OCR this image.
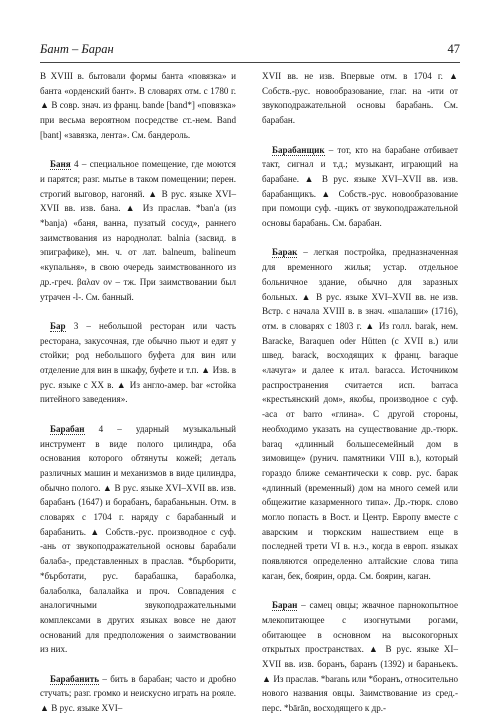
Бант – Баран	47

В XVIII в. бытовали формы банта «повязка» и банта «орденский бант». В словарях отм. с 1780 г. ▲ В совр. знач. из франц. bande [band*] «повязка» при весьма вероятном посредстве ст.-нем. Band [bant] «завязка, лента». См. бандероль.

Баня 4 – специальное помещение, где моются и парятся; разг. мытье в таком помещении; перен. строгий выговор, нагоняй. ▲ В рус. языке XVI–XVII вв. изв. бана. ▲ Из праслав. *ban'a (из *banja) «баня, ванна, пузатый сосуд», раннего заимствования из народнолат. balnia (засвид. в эпиграфике), мн. ч. от лат. balneum, balineum «купальня», в свою очередь заимствованного из др.-греч. βαλαν ον – тж. При заимствовании был утрачен -l-. См. банный.

Бар 3 – небольшой ресторан или часть ресторана, закусочная, где обычно пьют и едят у стойки; род небольшого буфета для вин или отделение для вин в шкафу, буфете и т.п. ▲ Изв. в рус. языке с XX в. ▲ Из англо-амер. bar «стойка питейного заведения».

Барабан 4 – ударный музыкальный инструмент в виде полого цилиндра, оба основания которого обтянуты кожей; деталь различных машин и механизмов в виде цилиндра, обычно полого. ▲ В рус. языке XVI–XVII вв. изв. барабанъ (1647) и борабанъ, барабаньнын. Отм. в словарях с 1704 г. наряду с барабанный и барабанить. ▲ Собств.-рус. производное с суф. -ань от звукоподражательной основы барабали балаба-, представленных в праслав. *бърборити, *бърботати, рус. барабашка, бараболка, балаболка, балалайка и проч. Совпадения с аналогичными звукоподражательными комплексами в других языках вовсе не дают оснований для предположения о заимствовании из них.

Барабанить – бить в барабан; часто и дробно стучать; разг. громко и неискусно играть на рояле. ▲ В рус. языке XVI–

XVII вв. не изв. Впервые отм. в 1704 г. ▲ Собств.-рус. новообразование, глаг. на -ити от звукоподражательной основы барабань. См. барабан.

Барабанщик – тот, кто на барабане отбивает такт, сигнал и т.д.; музыкант, играющий на барабане. ▲ В рус. языке XVI–XVII вв. изв. барабанщикъ. ▲ Собств.-рус. новообразование при помощи суф. -щикъ от звукоподражательной основы барабань. См. барабан.

Барак – легкая постройка, предназначенная для временного жилья; устар. отдельное больничное здание, обычно для заразных больных. ▲ В рус. языке XVI–XVII вв. не изв. Встр. с начала XVIII в. в знач. «шалаши» (1716), отм. в словарях с 1803 г. ▲ Из голл. barak, нем. Baracke, Baraquen oder Hütten (с XVII в.) или швед. barack, восходящих к франц. baraque «лачуга» и далее к итал. baracca. Источником распространения считается исп. barraca «крестьянский дом», якобы, производное с суф. -аса от barro «глина». С другой стороны, необходимо указать на существование др.-тюрк. baraq «длинный большесемейный дом в зимовище» (рунич. памятники VIII в.), который гораздо ближе семантически к совр. рус. барак «длинный (временный) дом на много семей или общежитие казарменного типа». Др.-тюрк. слово могло попасть в Вост. и Центр. Европу вместе с аварским и тюркским нашествием еще в последней трети VI в. н.э., когда в европ. языках появляются определенно алтайские слова типа каган, бек, боярин, орда. См. боярин, каган.

Баран – самец овцы; жвачное парнокопытное млекопитающее с изогнутыми рогами, обитающее в основном на высокогорных открытых пространствах. ▲ В рус. языке XI–XVII вв. изв. боранъ, баранъ (1392) и бараньекъ. ▲ Из праслав. *baranь или *боранъ, относительно нового названия овцы. Заимствование из сред.-перс. *bārān, восходящего к др.-
